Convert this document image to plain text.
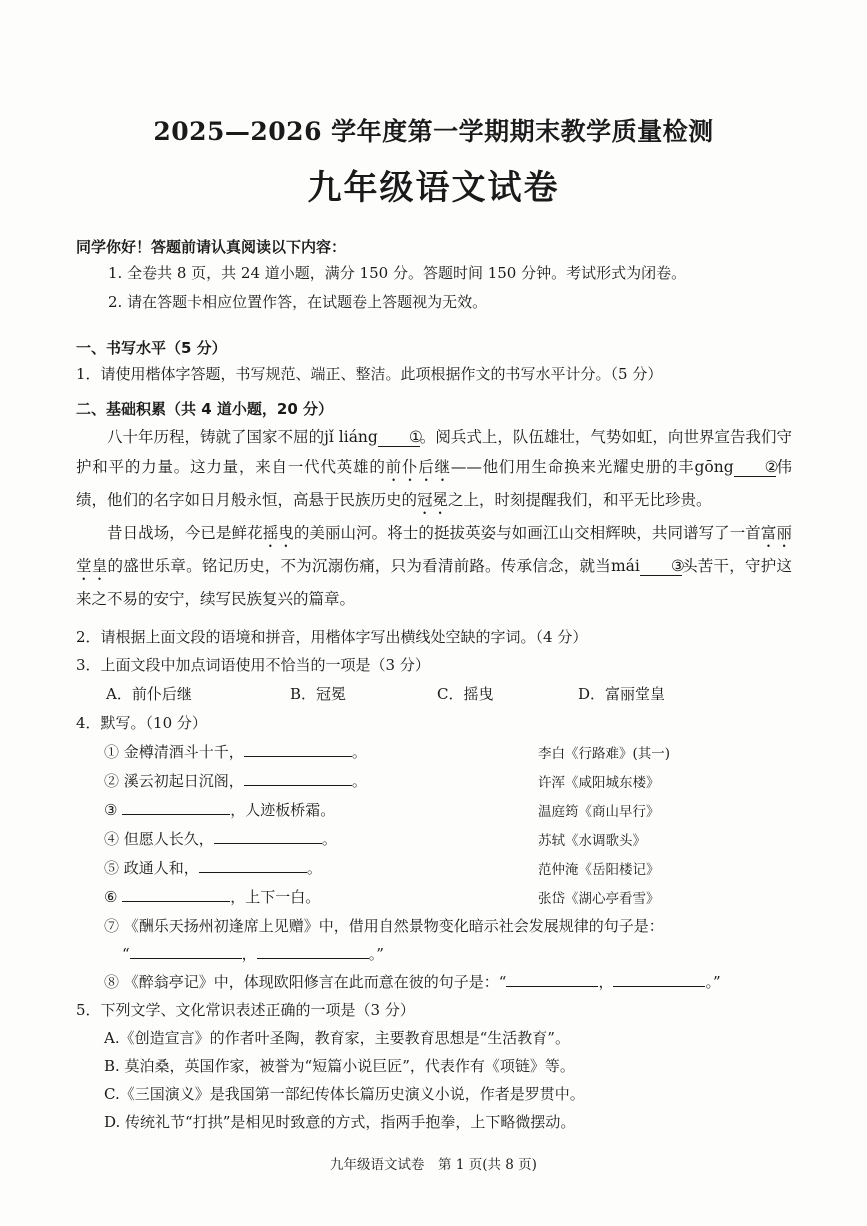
2025—2026 学年度第一学期期末教学质量检测
九年级语文试卷
同学你好！答题前请认真阅读以下内容：
1. 全卷共 8 页，共 24 道小题，满分 150 分。答题时间 150 分钟。考试形式为闭卷。
2. 请在答题卡相应位置作答，在试题卷上答题视为无效。
一、书写水平（5 分）
1．请使用楷体字答题，书写规范、端正、整洁。此项根据作文的书写水平计分。（5 分）
二、基础积累（共 4 道小题，20 分）

八十年历程，铸就了国家不屈的jǐ liáng ①。阅兵式上，队伍雄壮，气势如虹，向世界宣告我们守护和平的力量。这力量，来自一代代英雄的前仆后继——他们用生命换来光耀史册的丰gōng ②伟绩，他们的名字如日月般永恒，高悬于民族历史的冠冕之上，时刻提醒我们，和平无比珍贵。

昔日战场，今已是鲜花摇曳的美丽山河。将士的挺拔英姿与如画江山交相辉映，共同谱写了一首富丽堂皇的盛世乐章。铭记历史，不为沉溺伤痛，只为看清前路。传承信念，就当mái ③头苦干，守护这来之不易的安宁，续写民族复兴的篇章。

2．请根据上面文段的语境和拼音，用楷体字写出横线处空缺的字词。（4 分）
3．上面文段中加点词语使用不恰当的一项是（3 分）
A．前仆后继	B．冠冕	C．摇曳	D．富丽堂皇
4．默写。（10 分）
① 金樽清酒斗十千，	。	李白《行路难》(其一)
② 溪云初起日沉阁，	。	许浑《咸阳城东楼》
③	，人迹板桥霜。	温庭筠《商山早行》
④ 但愿人长久，	。	苏轼《水调歌头》
⑤ 政通人和，	。	范仲淹《岳阳楼记》
⑥	，上下一白。	张岱《湖心亭看雪》
⑦ 《酬乐天扬州初逢席上见赠》中，借用自然景物变化暗示社会发展规律的句子是：
“	，	。”
⑧ 《醉翁亭记》中，体现欧阳修言在此而意在彼的句子是：“	，	。”
5．下列文学、文化常识表述正确的一项是（3 分）
A.《创造宣言》的作者叶圣陶，教育家，主要教育思想是“生活教育”。
B. 莫泊桑，英国作家，被誉为“短篇小说巨匠”，代表作有《项链》等。
C.《三国演义》是我国第一部纪传体长篇历史演义小说，作者是罗贯中。
D. 传统礼节“打拱”是相见时致意的方式，指两手抱拳，上下略微摆动。
九年级语文试卷　第 1 页(共 8 页)
